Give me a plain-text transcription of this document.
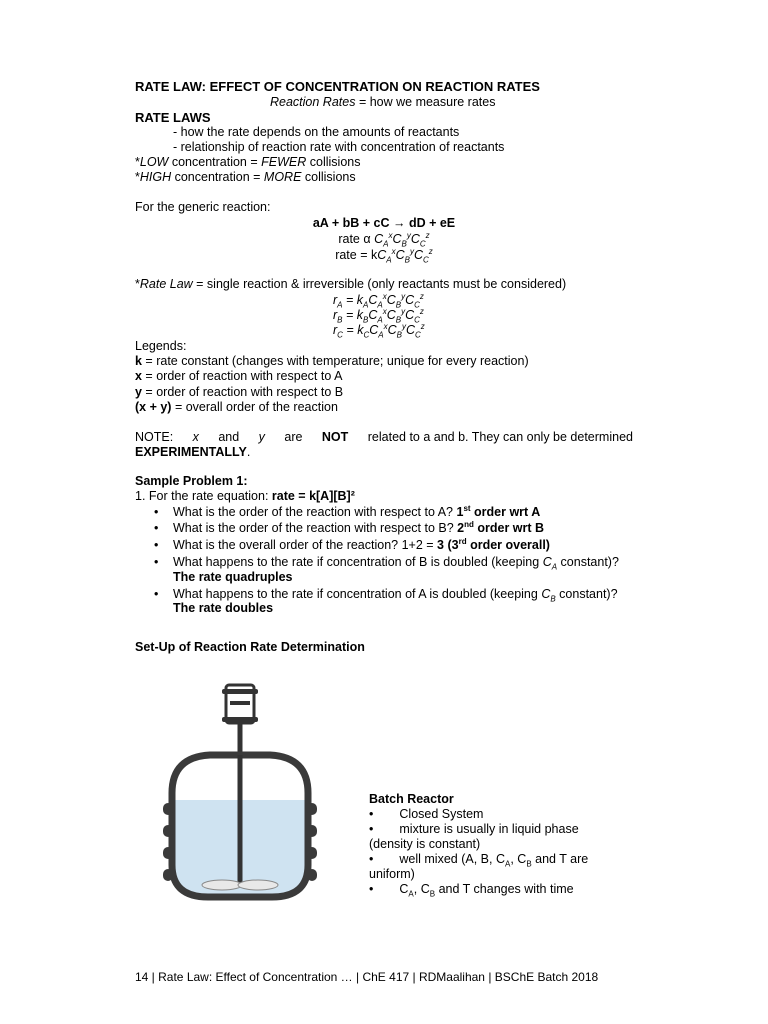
RATE LAW: EFFECT OF CONCENTRATION ON REACTION RATES
Reaction Rates = how we measure rates
RATE LAWS
- how the rate depends on the amounts of reactants
- relationship of reaction rate with concentration of reactants
*LOW concentration = FEWER collisions
*HIGH concentration = MORE collisions
For the generic reaction:
aA + bB + cC → dD + eE
rate α $C_A^xC_B^yC_C^z$
rate = $kC_A^xC_B^yC_C^z$
*Rate Law = single reaction & irreversible (only reactants must be considered)
$r_A = k_AC_A^xC_B^yC_C^z$
$r_B = k_BC_A^xC_B^yC_C^z$
$r_C = k_CC_A^xC_B^yC_C^z$
Legends:
k = rate constant (changes with temperature; unique for every reaction)
x = order of reaction with respect to A
y = order of reaction with respect to B
(x + y) = overall order of the reaction
NOTE: x and y are NOT related to a and b. They can only be determined
EXPERIMENTALLY.
Sample Problem 1:
1. For the rate equation: rate = k[A][B]²
• What is the order of the reaction with respect to A? 1st order wrt A
• What is the order of the reaction with respect to B? 2nd order wrt B
• What is the overall order of the reaction? 1+2 = 3 (3rd order overall)
• What happens to the rate if concentration of B is doubled (keeping $C_A$ constant)?
The rate quadruples
• What happens to the rate if concentration of A is doubled (keeping $C_B$ constant)?
The rate doubles
Set-Up of Reaction Rate Determination
Batch Reactor
• Closed System
• mixture is usually in liquid phase
(density is constant)
• well mixed (A, B, $C_A$, $C_B$ and T are
uniform)
• $C_A$, $C_B$ and T changes with time
14 | Rate Law: Effect of Concentration … | ChE 417 | RDMaalihan | BSChE Batch 2018
